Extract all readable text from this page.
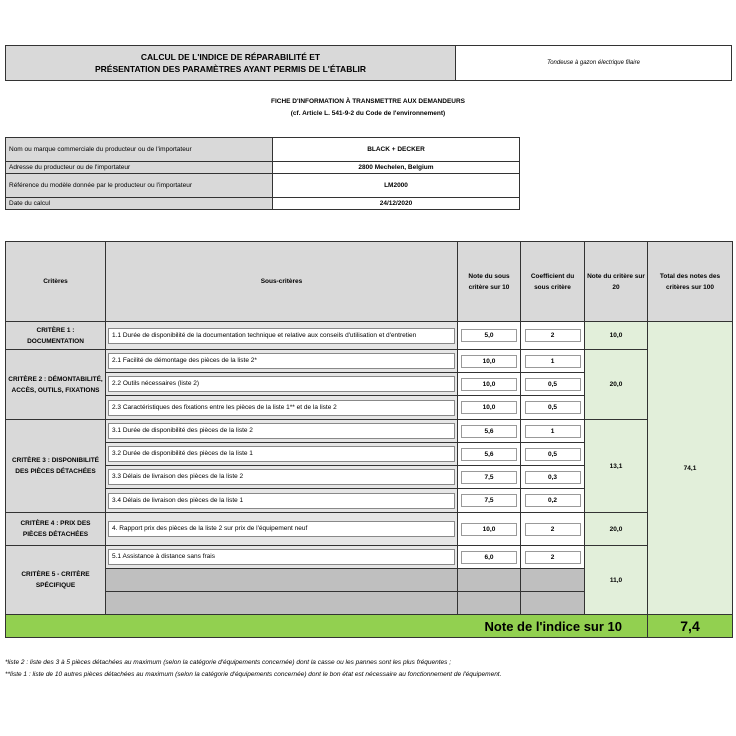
CALCUL DE L'INDICE DE RÉPARABILITÉ ET
PRÉSENTATION DES PARAMÈTRES AYANT PERMIS DE L'ÉTABLIR
Tondeuse à gazon électrique filaire
FICHE D'INFORMATION À TRANSMETTRE AUX DEMANDEURS
(cf. Article L. 541-9-2 du Code de l'environnement)
Nom ou marque commerciale du producteur ou de l'importateur	BLACK + DECKER
Adresse du producteur ou de l'importateur	2800 Mechelen, Belgium
Référence du modèle donnée par le producteur ou l'importateur	LM2000
Date du calcul	24/12/2020
Critères	Sous-critères	Note du sous critère sur 10	Coefficient du sous critère	Note du critère sur 20	Total des notes des critères sur 100
CRITÈRE 1 : DOCUMENTATION	1.1 Durée de disponibilité de la documentation technique et relative aux conseils d'utilisation et d'entretien	5,0	2	10,0	74,1
CRITÈRE 2 : DÉMONTABILITÉ, ACCÈS, OUTILS, FIXATIONS	2.1 Facilité de démontage des pièces de la liste 2*	10,0	1	20,0	

	2.2 Outils nécessaires (liste 2)	10,0	0,5		

	2.3 Caractéristiques des fixations entre les pièces de la liste 1** et de la liste 2	10,0	0,5		
CRITÈRE 3 : DISPONIBILITÉ DES PIÈCES DÉTACHÉES	3.1 Durée de disponibilité des pièces de la liste 2	5,6	1	13,1	

	3.2 Durée de disponibilité des pièces de la liste 1	5,6	0,5		

	3.3 Délais de livraison des pièces de la liste 2	7,5	0,3		

	3.4 Délais de livraison des pièces de la liste 1	7,5	0,2		
CRITÈRE 4 : PRIX DES PIÈCES DÉTACHÉES	4. Rapport prix des pièces de la liste 2 sur prix de l'équipement neuf	10,0	2	20,0	
CRITÈRE 5 - CRITÈRE SPÉCIFIQUE	5.1 Assistance à distance sans frais	6,0	2	11,0	

Note de l'indice sur 10					7,4
*liste 2 : liste des 3 à 5 pièces détachées au maximum (selon la catégorie d'équipements concernée) dont la casse ou les pannes sont les plus fréquentes ;
**liste 1 : liste de 10 autres pièces détachées au maximum (selon la catégorie d'équipements concernée) dont le bon état est nécessaire au fonctionnement de l'équipement.
